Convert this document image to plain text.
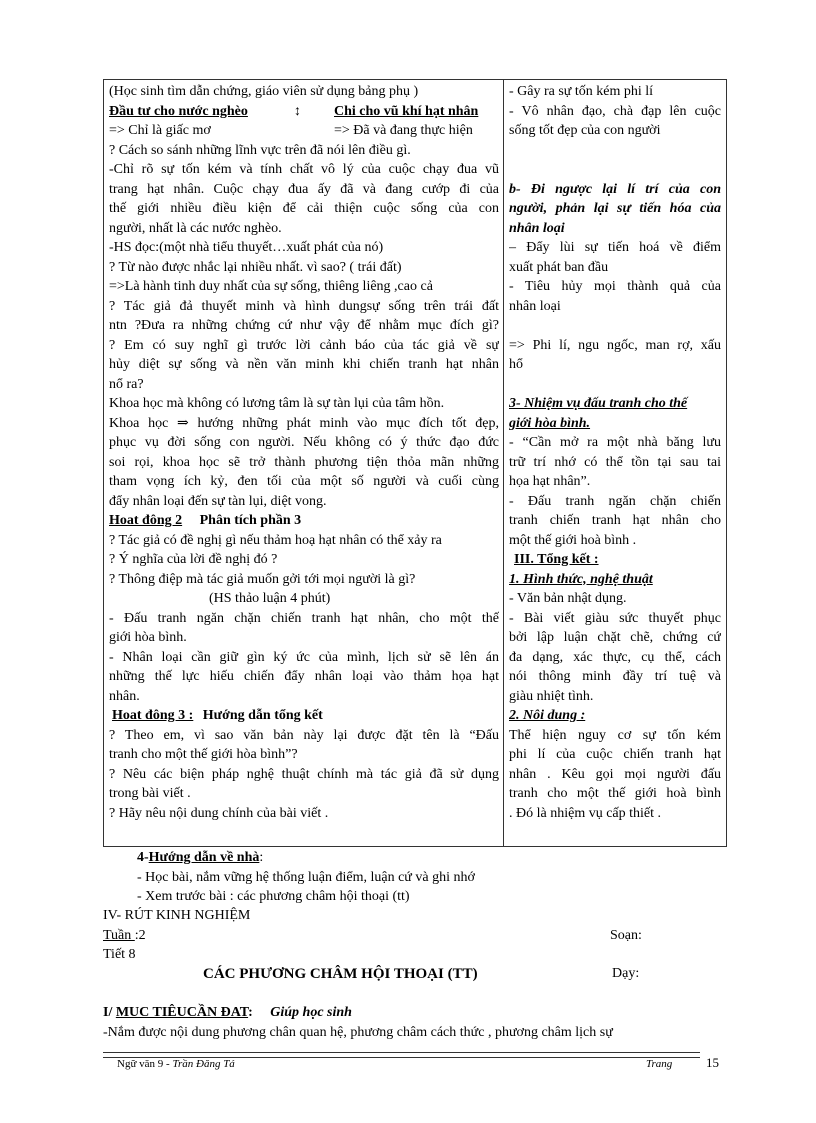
(Học sinh tìm dẫn chứng, giáo viên sử dụng bảng phụ )
Đầu tư cho nước nghèo	↕	Chi cho vũ khí hạt nhân
=> Chỉ là giấc mơ	=> Đã và đang thực hiện
? Cách so sánh những lĩnh vực trên đã nói lên điều gì.
-Chỉ rõ sự tốn kém và tính chất vô lý của cuộc chạy đua vũ
trang hạt nhân. Cuộc chạy đua ấy đã và đang cướp đi của
thế giới nhiều điều kiện để cải thiện cuộc sống của con
người, nhất là các nước nghèo.
-HS đọc:(một nhà tiểu thuyết…xuất phát của nó)
? Từ nào được nhắc lại nhiều nhất. vì sao? ( trái đất)
=>Là hành tinh duy nhất của sự sống, thiêng liêng ,cao cả
? Tác giả đả thuyết minh và hình dungsự sống trên trái đất
ntn ?Đưa ra những chứng cứ như vậy để nhằm mục đích gì?
? Em có suy nghĩ gì trước lời cảnh báo của tác giả về sự
hủy diệt sự sống và nền văn minh khi chiến tranh hạt nhân
nổ ra?
Khoa học mà không có lương tâm là sự tàn lụi của tâm hồn.
Khoa học ⇒ hướng những phát minh vào mục đích tốt đẹp,
phục vụ đời sống con người. Nếu không có ý thức đạo đức
soi rọi, khoa học sẽ trở thành phương tiện thỏa mãn những
tham vọng ích kỷ, đen tối của một số người và cuối cùng
đẩy nhân loại đến sự tàn lụi, diệt vong.
Hoat đông 2 Phân tích phần 3
? Tác giả có đề nghị gì nếu thảm hoạ hạt nhân có thể xảy ra
? Ý nghĩa của lời đề nghị đó ?
? Thông điệp mà tác giả muốn gởi tới mọi người là gì?
(HS thảo luận 4 phút)
- Đấu tranh ngăn chặn chiến tranh hạt nhân, cho một thế
giới hòa bình.
- Nhân loại cần giữ gìn ký ức của mình, lịch sử sẽ lên án
những thế lực hiếu chiến đẩy nhân loại vào thảm họa hạt
nhân.
Hoat đông 3 : Hướng dẫn tổng kết
? Theo em, vì sao văn bản này lại được đặt tên là “Đấu
tranh cho một thế giới hòa bình”?
? Nêu các biện pháp nghệ thuật chính mà tác giả đã sử dụng
trong bài viết .
? Hãy nêu nội dung chính của bài viết .
- Gây ra sự tốn kém phi lí
- Vô nhân đạo, chà đạp lên cuộc
sống tốt đẹp của con người
b- Đi ngược lại lí trí của con
người, phản lại sự tiến hóa của
nhân loại
– Đẩy lùi sự tiến hoá về điểm
xuất phát ban đầu
- Tiêu hủy mọi thành quả của
nhân loại
=> Phi lí, ngu ngốc, man rợ, xấu
hổ
3- Nhiệm vụ đấu tranh cho thế
giới hòa bình.
- “Cần mở ra một nhà băng lưu
trữ trí nhớ có thể tồn tại sau tai
họa hạt nhân”.
- Đấu tranh ngăn chặn chiến
tranh chiến tranh hạt nhân cho
một thế giới hoà bình .
III. Tổng kết :
1. Hình thức, nghệ thuật
- Văn bản nhật dụng.
- Bài viết giàu sức thuyết phục
bởi lập luận chặt chẽ, chứng cứ
đa dạng, xác thực, cụ thể, cách
nói thông minh đầy trí tuệ và
giàu nhiệt tình.
2. Nôi dung :
Thể hiện nguy cơ sự tốn kém
phi lí của cuộc chiến tranh hạt
nhân . Kêu gọi mọi người đấu
tranh cho một thế giới hoà bình
. Đó là nhiệm vụ cấp thiết .
4-Hướng dẫn về nhà:
- Học bài, nắm vững hệ thống luận điểm, luận cứ và ghi nhớ
- Xem trước bài : các phương châm hội thoại (tt)
IV- RÚT KINH NGHIỆM
Tuần :2	Soạn:
Tiết 8
CÁC PHƯƠNG CHÂM HỘI THOẠI (TT)	Dạy:
I/ MUC TIÊUCẦN ĐAT: Giúp học sinh
-Nắm được nội dung phương chân quan hệ, phương châm cách thức , phương châm lịch sự
Ngữ văn 9 - Trần Đăng Tá	Trang	15
